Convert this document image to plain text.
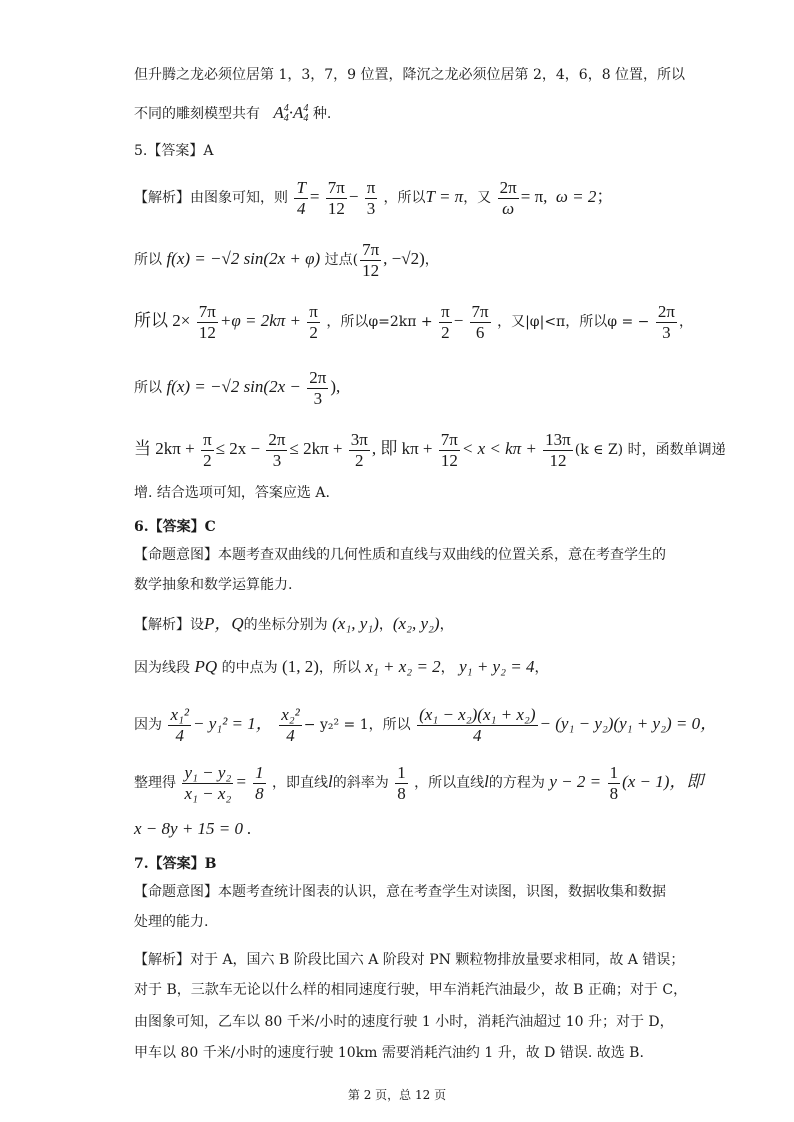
但升腾之龙必须位居第 1，3，7，9 位置，降沉之龙必须位居第 2，4，6，8 位置，所以
不同的雕刻模型共有 A4
4·A4
4 种.
5.【答案】A
【解析】由图象可知，则 $\frac{T}{4} = \frac{7\pi}{12} - \frac{\pi}{3}$ ，所以T = π，又 $\frac{2\pi}{\omega} = \pi$, ω = 2；
所以 f(x) = −√2 sin(2x + φ) 过点( $\frac{7\pi}{12}$ , −√2)，
所以 $2\times \frac{7\pi}{12} +\varphi = 2k\pi + \frac{\pi}{2}$ ，所以$\varphi=2k\pi + \frac{\pi}{2} - \frac{7\pi}{6}$ ，又|φ|<π，所以φ = − $\frac{2\pi}{3}$ ，
所以 f(x) = −√2 $\sin(2x - \frac{2\pi}{3}$ ),
当 $2k\pi + \frac{\pi}{2} \le 2x - \frac{2\pi}{3} \le 2k\pi + \frac{3\pi}{2}$ , 即 $k\pi + \frac{7\pi}{12} < x < k\pi + \frac{13\pi}{12} (k$ ∈ Z) 时，函数单调递
增. 结合选项可知，答案应选 A.
6.【答案】C
【命题意图】本题考查双曲线的几何性质和直线与双曲线的位置关系，意在考查学生的
数学抽象和数学运算能力.
【解析】设P，Q的坐标分别为 (x₁, y₁)，(x₂, y₂)，
因为线段 PQ 的中点为 (1, 2)，所以 x₁ + x₂ = 2， y₁ + y₂ = 4，
因为 $\frac{\text{x₁²}}{4} - y_1^2 = 1$， $\frac{\text{x₂²}}{4} - y_2^2 = 1$，所以 $\frac{\text{(x₁ − x₂)(x₁ + x₂)}}{4} - (y_1 - y_2)(y_1 + y_2) = 0$，
整理得 $\frac{\text{y₁ − y₂}}{\text{x₁ − x₂}} = \frac{1}{8}$ ，即直线l的斜率为 $\frac{1}{8}$ ，所以直线l的方程为 $y - 2 = \frac{1}{8} (x - 1)$，即
x − 8y + 15 = 0 .
7.【答案】B
【命题意图】本题考查统计图表的认识，意在考查学生对读图，识图，数据收集和数据
处理的能力.
【解析】对于 A，国六 B 阶段比国六 A 阶段对 PN 颗粒物排放量要求相同，故 A 错误；
对于 B，三款车无论以什么样的相同速度行驶，甲车消耗汽油最少，故 B 正确；对于 C，
由图象可知，乙车以 80 千米/小时的速度行驶 1 小时，消耗汽油超过 10 升；对于 D，
甲车以 80 千米/小时的速度行驶 10km 需要消耗汽油约 1 升，故 D 错误. 故选 B.
第 2 页，总 12 页
